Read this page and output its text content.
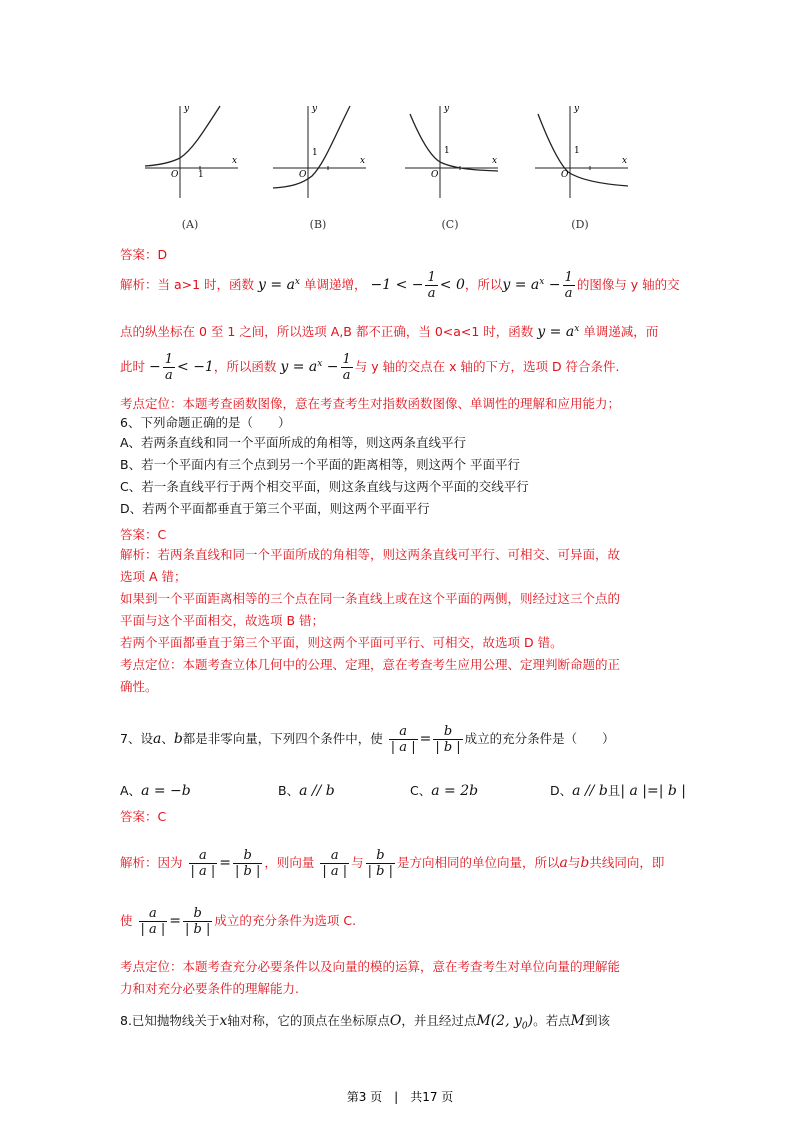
y
x
O 1
(A)
y
x
O
1
(B)
y
x
O
1
(C)
y
x
O
1
(D)
答案：D
解析：当 a>1 时，函数 $y = a^x$ 单调递增， −1 < − $\frac{1}{a} < 0$，所以$y = a^x - \frac{1}{a}$ 的图像与 y 轴的交
点的纵坐标在 0 至 1 之间，所以选项 A,B 都不正确，当 0<a<1 时，函数 $y = a^x$ 单调递减，而
此时 − $\frac{1}{a} < -1$，所以函数 $y = a^x - \frac{1}{a}$ 与 y 轴的交点在 x 轴的下方，选项 D 符合条件.
考点定位：本题考查函数图像，意在考查考生对指数函数图像、单调性的理解和应用能力；
6、下列命题正确的是（　　）
A、若两条直线和同一个平面所成的角相等，则这两条直线平行
B、若一个平面内有三个点到另一个平面的距离相等，则这两个 平面平行
C、若一条直线平行于两个相交平面，则这条直线与这两个平面的交线平行
D、若两个平面都垂直于第三个平面，则这两个平面平行
答案：C
解析：若两条直线和同一个平面所成的角相等，则这两条直线可平行、可相交、可异面，故
选项 A 错；
如果到一个平面距离相等的三个点在同一条直线上或在这个平面的两侧，则经过这三个点的
平面与这个平面相交，故选项 B 错；
若两个平面都垂直于第三个平面，则这两个平面可平行、可相交，故选项 D 错。
考点定位：本题考查立体几何中的公理、定理，意在考查考生应用公理、定理判断命题的正
确性。
7、设a、b都是非零向量，下列四个条件中，使 $\frac{a}{| a |} = \frac{b}{| b |}$ 成立的充分条件是（　　）
A、a = −b	B、a // b	C、a = 2b	D、a // b且| a |=| b |
答案：C
解析：因为 $\frac{a}{| a |} = \frac{b}{| b |}$ ，则向量 $\frac{a}{| a |}$ 与 $\frac{b}{| b |}$ 是方向相同的单位向量，所以a与b共线同向，即
使 $\frac{a}{| a |} = \frac{b}{| b |}$ 成立的充分条件为选项 C.
考点定位：本题考查充分必要条件以及向量的模的运算，意在考查考生对单位向量的理解能
力和对充分必要条件的理解能力.
8.已知抛物线关于x轴对称，它的顶点在坐标原点O，并且经过点M(2, $y_0$)。若点M到该
第3 页　|　共17 页
